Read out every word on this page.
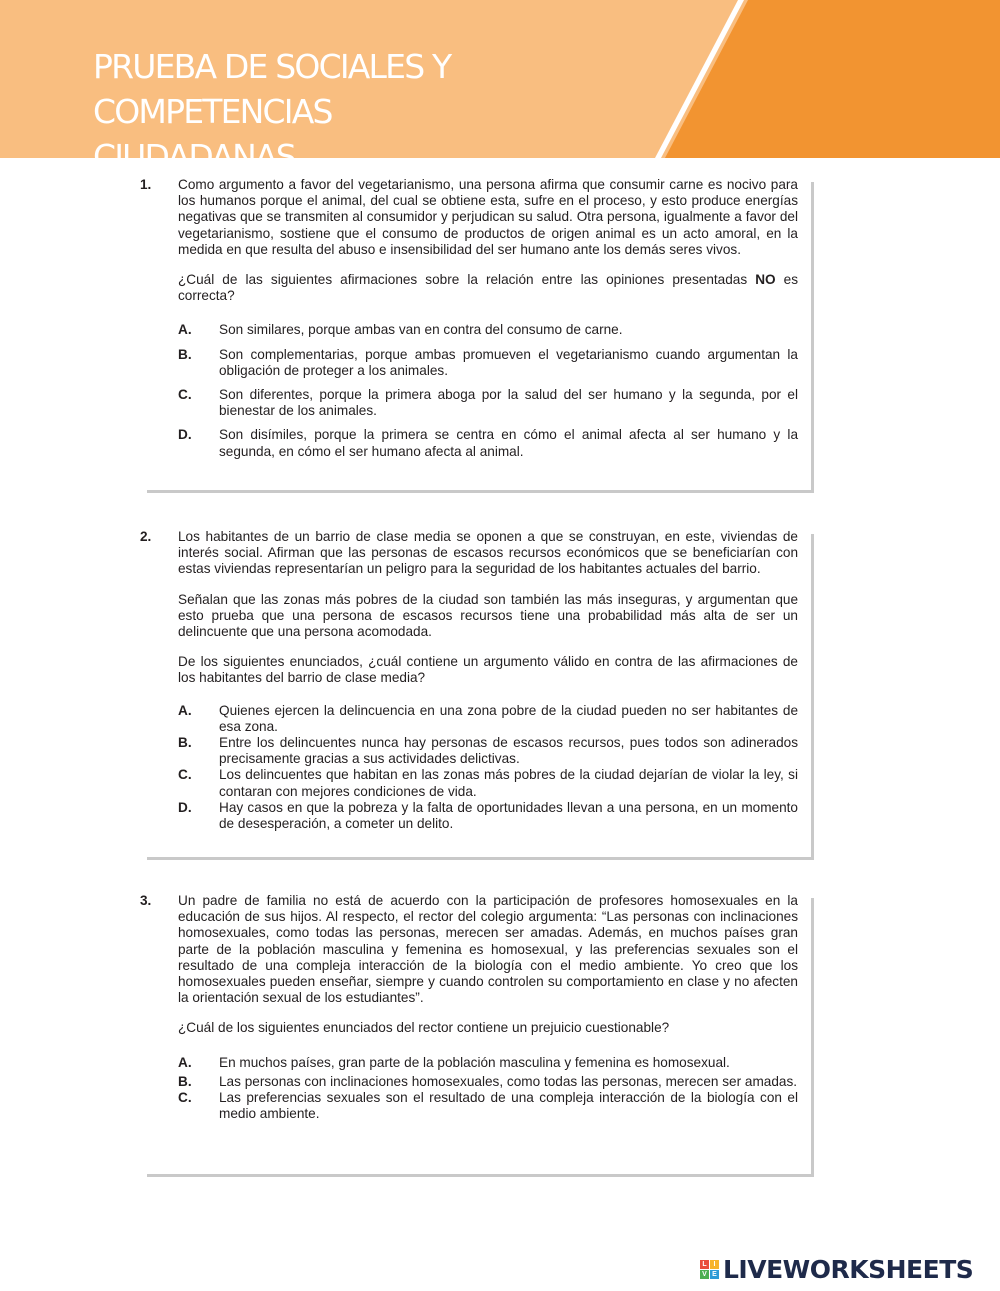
PRUEBA DE SOCIALES Y COMPETENCIAS
CIUDADANAS
1. Como argumento a favor del vegetarianismo, una persona afirma que consumir carne es nocivo para los humanos porque el animal, del cual se obtiene esta, sufre en el proceso, y esto produce energías negativas que se transmiten al consumidor y perjudican su salud. Otra persona, igualmente a favor del vegetarianismo, sostiene que el consumo de productos de origen animal es un acto amoral, en la medida en que resulta del abuso e insensibilidad del ser humano ante los demás seres vivos.

¿Cuál de las siguientes afirmaciones sobre la relación entre las opiniones presentadas NO es correcta?

A. Son similares, porque ambas van en contra del consumo de carne.
B. Son complementarias, porque ambas promueven el vegetarianismo cuando argumentan la obligación de proteger a los animales.
C. Son diferentes, porque la primera aboga por la salud del ser humano y la segunda, por el bienestar de los animales.
D. Son disímiles, porque la primera se centra en cómo el animal afecta al ser humano y la segunda, en cómo el ser humano afecta al animal.
2. Los habitantes de un barrio de clase media se oponen a que se construyan, en este, viviendas de interés social. Afirman que las personas de escasos recursos económicos que se beneficiarían con estas viviendas representarían un peligro para la seguridad de los habitantes actuales del barrio.

Señalan que las zonas más pobres de la ciudad son también las más inseguras, y argumentan que esto prueba que una persona de escasos recursos tiene una probabilidad más alta de ser un delincuente que una persona acomodada.

De los siguientes enunciados, ¿cuál contiene un argumento válido en contra de las afirmaciones de los habitantes del barrio de clase media?

A. Quienes ejercen la delincuencia en una zona pobre de la ciudad pueden no ser habitantes de esa zona.
B. Entre los delincuentes nunca hay personas de escasos recursos, pues todos son adinerados precisamente gracias a sus actividades delictivas.
C. Los delincuentes que habitan en las zonas más pobres de la ciudad dejarían de violar la ley, si contaran con mejores condiciones de vida.
D. Hay casos en que la pobreza y la falta de oportunidades llevan a una persona, en un momento de desesperación, a cometer un delito.
3. Un padre de familia no está de acuerdo con la participación de profesores homosexuales en la educación de sus hijos. Al respecto, el rector del colegio argumenta: “Las personas con inclinaciones homosexuales, como todas las personas, merecen ser amadas. Además, en muchos países gran parte de la población masculina y femenina es homosexual, y las preferencias sexuales son el resultado de una compleja interacción de la biología con el medio ambiente. Yo creo que los homosexuales pueden enseñar, siempre y cuando controlen su comportamiento en clase y no afecten la orientación sexual de los estudiantes”.

¿Cuál de los siguientes enunciados del rector contiene un prejuicio cuestionable?

A. En muchos países, gran parte de la población masculina y femenina es homosexual.
B. Las personas con inclinaciones homosexuales, como todas las personas, merecen ser amadas.
C. Las preferencias sexuales son el resultado de una compleja interacción de la biología con el medio ambiente.
L I
V E LIVEWORKSHEETS
